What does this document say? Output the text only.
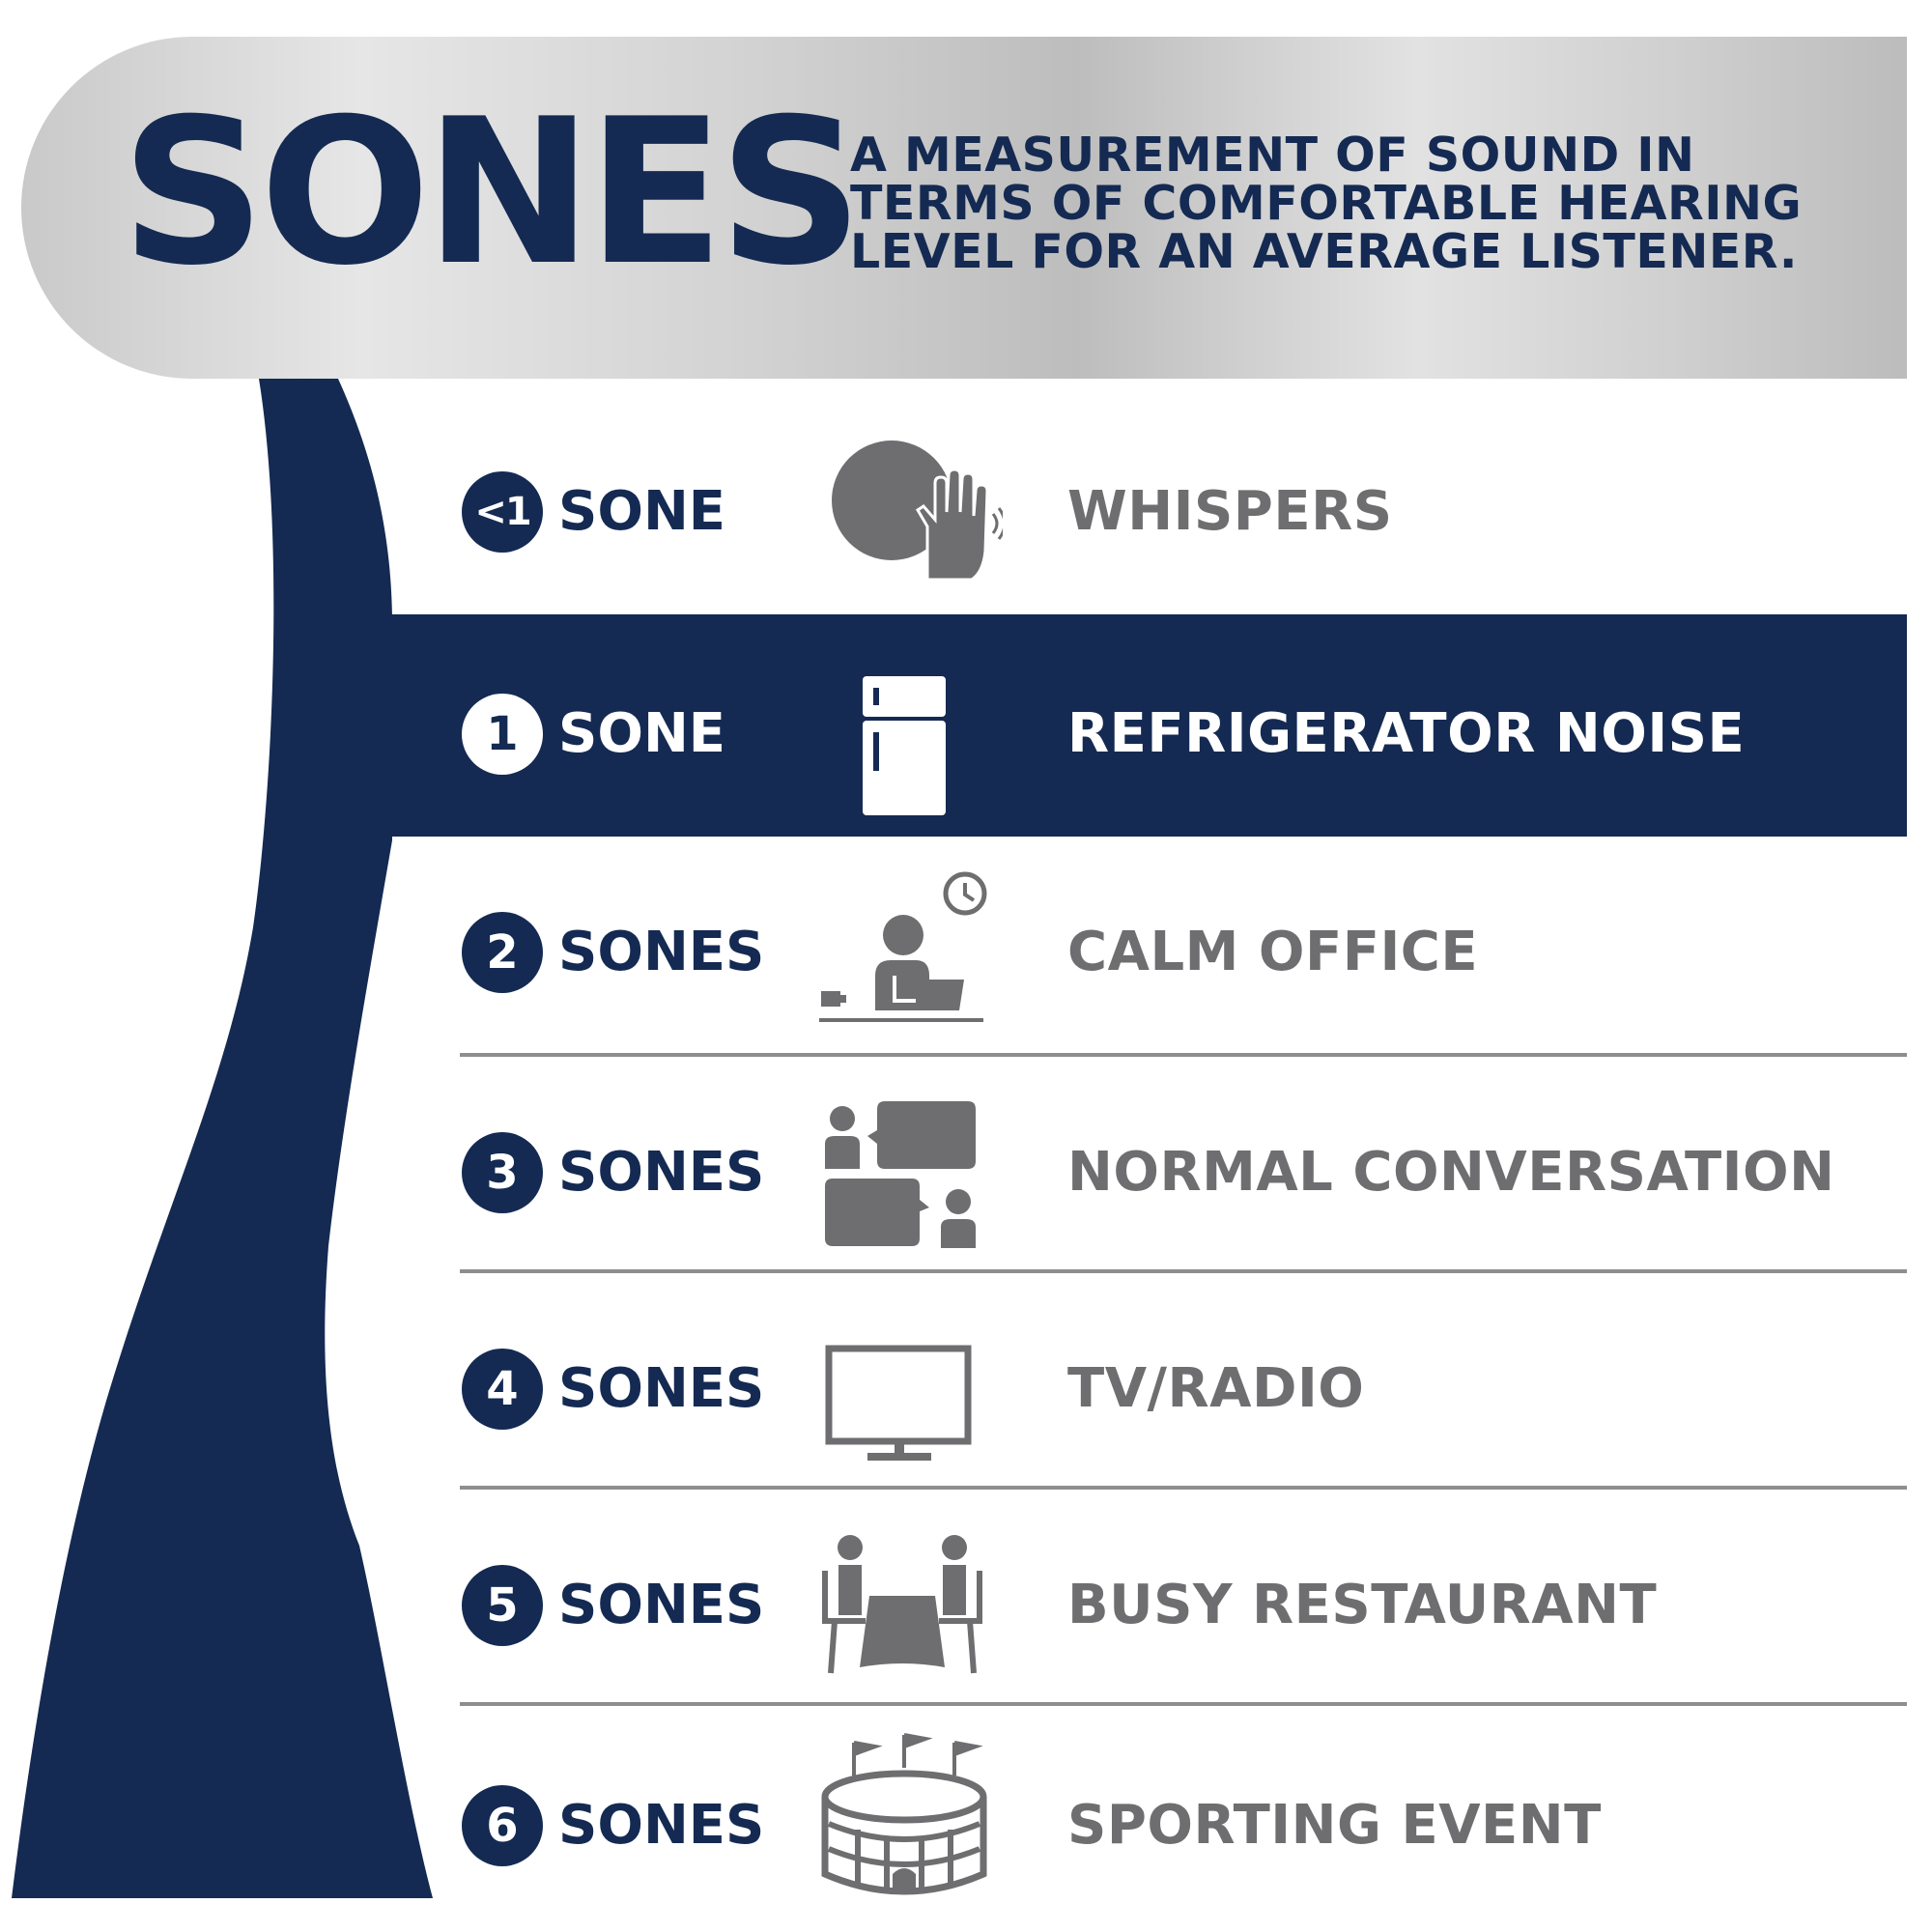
SONES
A MEASUREMENT OF SOUND IN TERMS OF COMFORTABLE HEARING LEVEL FOR AN AVERAGE LISTENER.
<1 SONE	WHISPERS
1 SONE	REFRIGERATOR NOISE
2 SONES	CALM OFFICE
3 SONES	NORMAL CONVERSATION
4 SONES	TV/RADIO
5 SONES	BUSY RESTAURANT
6 SONES	SPORTING EVENT
